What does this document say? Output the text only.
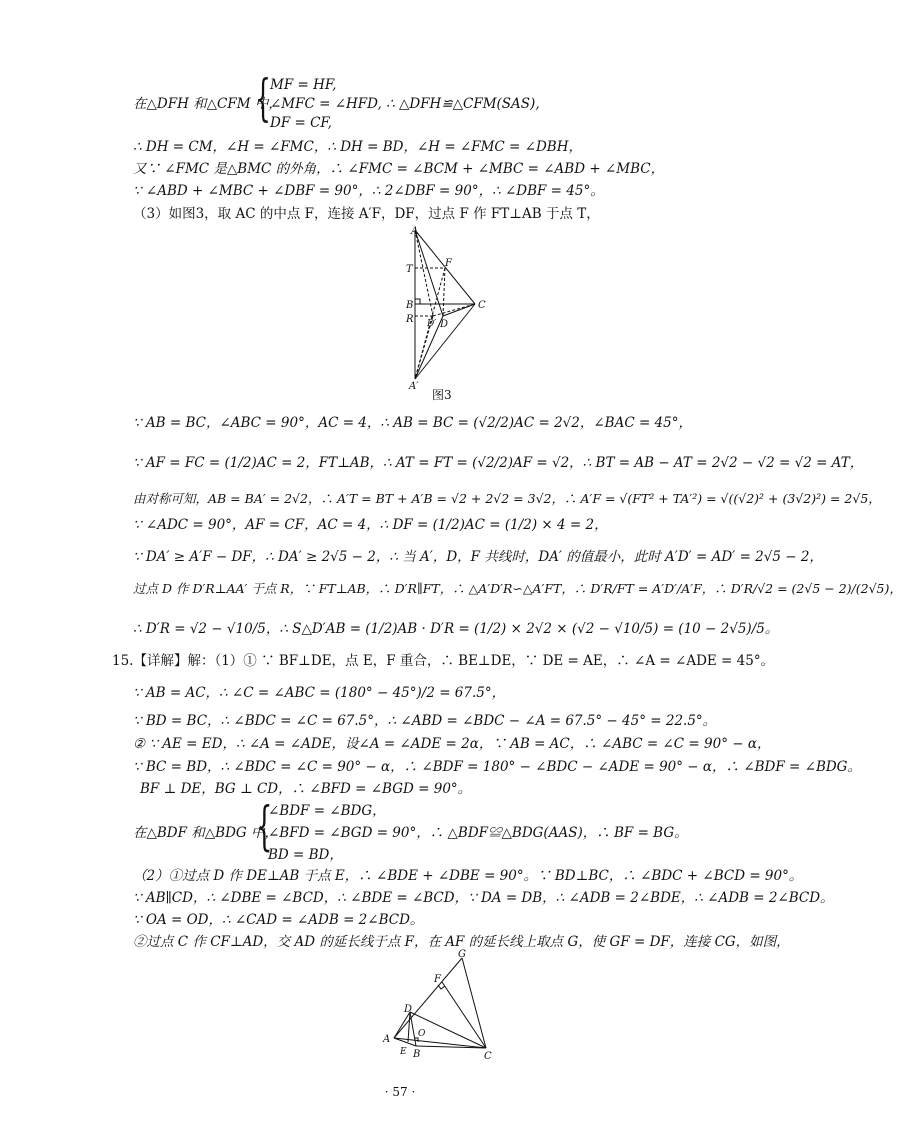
MF = HF,
在△DFH 和△CFM 中，
{ ∠MFC = ∠HFD, ∴ △DFH≌△CFM(SAS),
DF = CF,
∴ DH = CM，∠H = ∠FMC，∴ DH = BD，∠H = ∠FMC = ∠DBH，
又∵ ∠FMC 是△BMC 的外角，∴ ∠FMC = ∠BCM + ∠MBC = ∠ABD + ∠MBC，
∵ ∠ABD + ∠MBC + ∠DBF = 90°，∴ 2∠DBF = 90°，∴ ∠DBF = 45°。
（3）如图3，取 AC 的中点 F，连接 A′F，DF，过点 F 作 FT⊥AB 于点 T，
A
T
F
B
R D′ D
C
A′
图3
∵ AB = BC，∠ABC = 90°，AC = 4，∴ AB = BC = (√2/2)AC = 2√2，∠BAC = 45°，
∵ AF = FC = (1/2)AC = 2，FT⊥AB，∴ AT = FT = (√2/2)AF = √2，∴ BT = AB − AT = 2√2 − √2 = √2 = AT，
由对称可知，AB = BA′ = 2√2，∴ A′T = BT + A′B = √2 + 2√2 = 3√2，∴ A′F = √(FT² + TA′²) = √((√2)² + (3√2)²) = 2√5，
∵ ∠ADC = 90°，AF = CF，AC = 4，∴ DF = (1/2)AC = (1/2) × 4 = 2，
∵ DA′ ≥ A′F − DF，∴ DA′ ≥ 2√5 − 2，∴ 当 A′，D，F 共线时，DA′ 的值最小，此时 A′D′ = AD′ = 2√5 − 2，
过点 D 作 D′R⊥AA′ 于点 R，∵ FT⊥AB，∴ D′R∥FT，∴ △A′D′R∽△A′FT，∴ D′R/FT = A′D′/A′F，∴ D′R/√2 = (2√5 − 2)/(2√5)，
∴ D′R = √2 − √10/5，∴ S△D′AB = (1/2)AB · D′R = (1/2) × 2√2 × (√2 − √10/5) = (10 − 2√5)/5。
15.【详解】解：（1）① ∵ BF⊥DE，点 E，F 重合，∴ BE⊥DE，∵ DE = AE，∴ ∠A = ∠ADE = 45°。
∵ AB = AC，∴ ∠C = ∠ABC = (180° − 45°)/2 = 67.5°，
∵ BD = BC，∴ ∠BDC = ∠C = 67.5°，∴ ∠ABD = ∠BDC − ∠A = 67.5° − 45° = 22.5°。
② ∵ AE = ED，∴ ∠A = ∠ADE，设∠A = ∠ADE = 2α，∵ AB = AC，∴ ∠ABC = ∠C = 90° − α，
∵ BC = BD，∴ ∠BDC = ∠C = 90° − α，∴ ∠BDF = 180° − ∠BDC − ∠ADE = 90° − α，∴ ∠BDF = ∠BDG。
BF ⊥ DE，BG ⊥ CD，∴ ∠BFD = ∠BGD = 90°。
{
∠BDF = ∠BDG，
在△BDF 和△BDG 中，
∠BFD = ∠BGD = 90°，∴ △BDF≌△BDG(AAS)，∴ BF = BG。
BD = BD，
（2）①过点 D 作 DE⊥AB 于点 E，∴ ∠BDE + ∠DBE = 90°。∵ BD⊥BC，∴ ∠BDC + ∠BCD = 90°。
∵ AB∥CD，∴ ∠DBE = ∠BCD，∴ ∠BDE = ∠BCD，∵ DA = DB，∴ ∠ADB = 2∠BDE，∴ ∠ADB = 2∠BCD。
∵ OA = OD，∴ ∠CAD = ∠ADB = 2∠BCD。
②过点 C 作 CF⊥AD，交 AD 的延长线于点 F，在 AF 的延长线上取点 G，使 GF = DF，连接 CG，如图，
G
F
D
O
A
E B	C
· 57 ·
